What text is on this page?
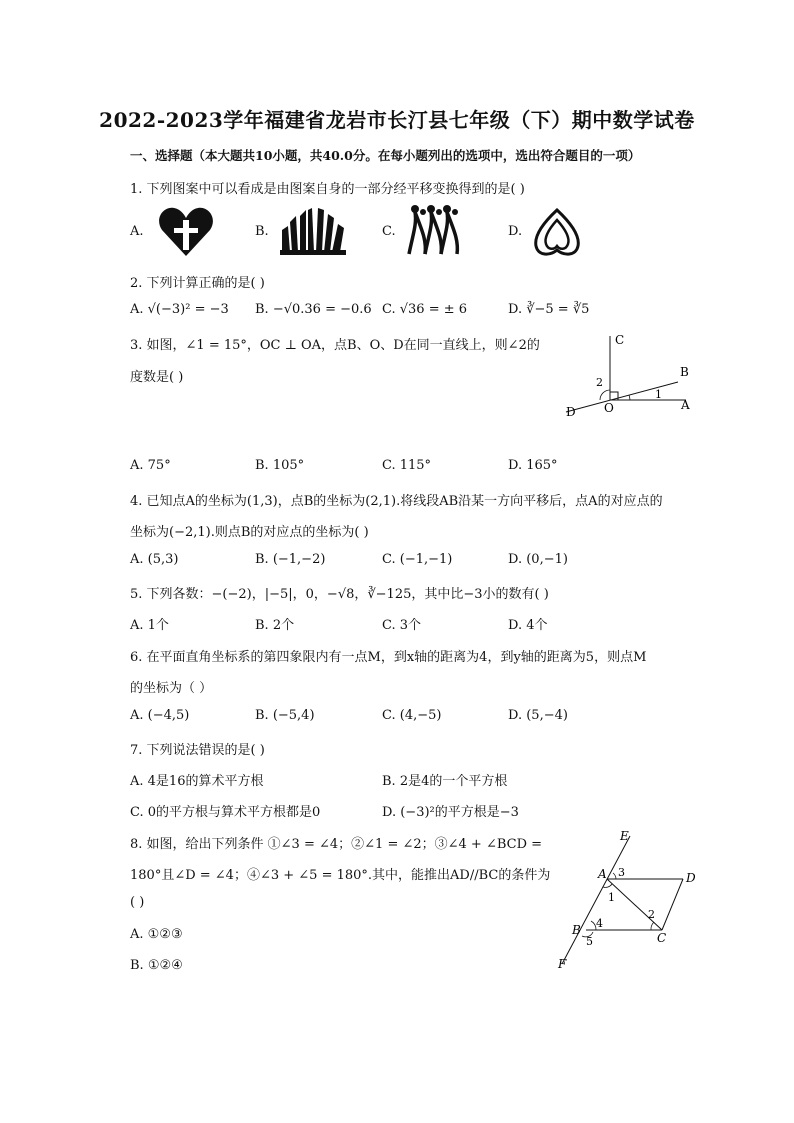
2022-2023学年福建省龙岩市长汀县七年级（下）期中数学试卷
一、选择题（本大题共10小题，共40.0分。在每小题列出的选项中，选出符合题目的一项）
1. 下列图案中可以看成是由图案自身的一部分经平移变换得到的是( )
A.	B.	C.	D.
2. 下列计算正确的是( )
A. √(−3)² = −3 B. −√0.36 = −0.6 C. √36 = ± 6	D. ∛−5 = ∛5
3. 如图，∠1 = 15°，OC ⊥ OA，点B、O、D在同一直线上，则∠2的
度数是( )
C
B
A
D O
1
2
A. 75°	B. 105°	C. 115°	D. 165°
4. 已知点A的坐标为(1,3)，点B的坐标为(2,1).将线段AB沿某一方向平移后，点A的对应点的
坐标为(−2,1).则点B的对应点的坐标为( )
A. (5,3)	B. (−1,−2)	C. (−1,−1)	D. (0,−1)
5. 下列各数：−(−2)，|−5|，0，−√8，∛−125，其中比−3小的数有( )
A. 1个	B. 2个	C. 3个	D. 4个
6. 在平面直角坐标系的第四象限内有一点M，到x轴的距离为4，到y轴的距离为5，则点M
的坐标为（ ）
A. (−4,5)	B. (−5,4)	C. (4,−5)	D. (5,−4)
7. 下列说法错误的是( )
A. 4是16的算术平方根	B. 2是4的一个平方根
C. 0的平方根与算术平方根都是0	D. (−3)²的平方根是−3
8. 如图，给出下列条件 ①∠3 = ∠4；②∠1 = ∠2；③∠4 + ∠BCD =
180°且∠D = ∠4；④∠3 + ∠5 = 180°.其中，能推出AD//BC的条件为
( )
A. ①②③
B. ①②④
E
A	D
B
C
F
1
2
3
4
5
